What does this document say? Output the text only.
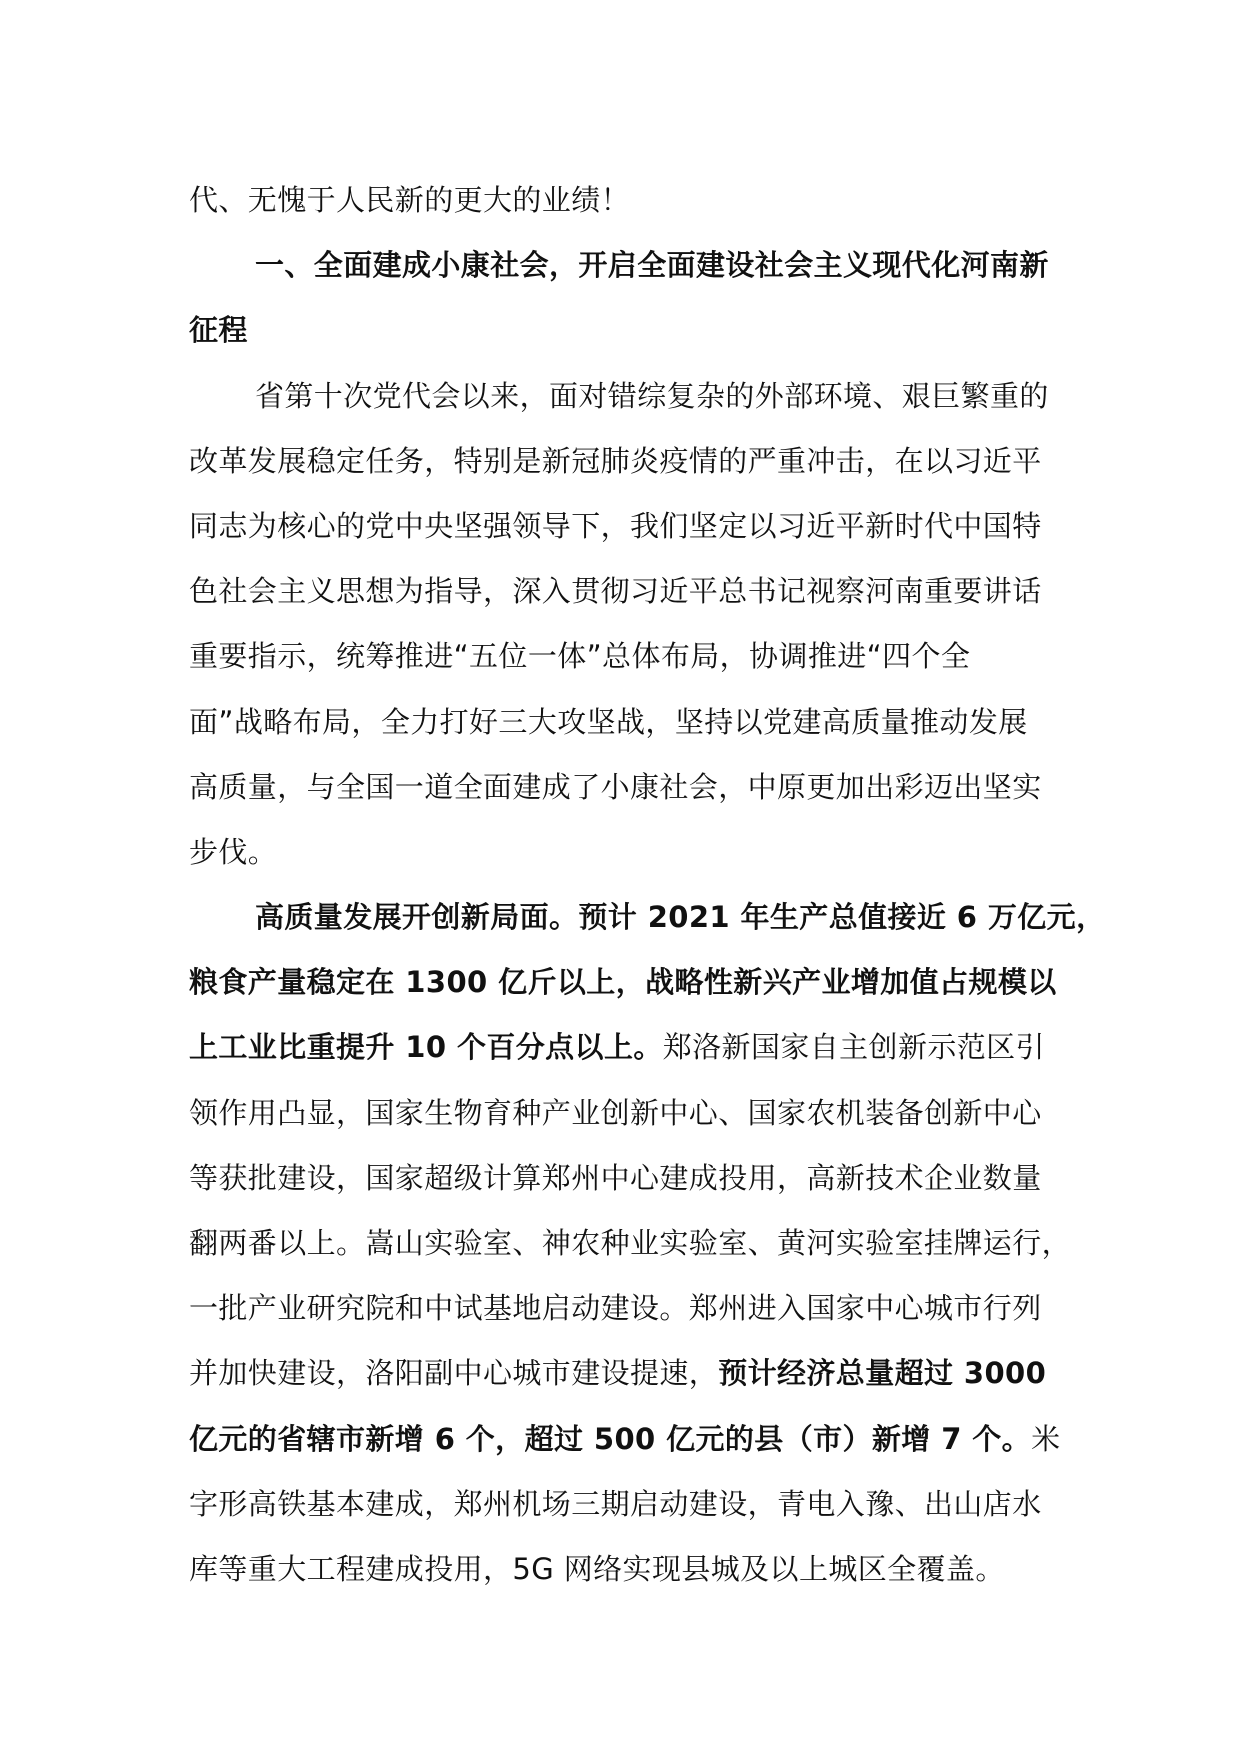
代、无愧于人民新的更大的业绩！
一、全面建成小康社会，开启全面建设社会主义现代化河南新
征程
省第十次党代会以来，面对错综复杂的外部环境、艰巨繁重的
改革发展稳定任务，特别是新冠肺炎疫情的严重冲击，在以习近平
同志为核心的党中央坚强领导下，我们坚定以习近平新时代中国特
色社会主义思想为指导，深入贯彻习近平总书记视察河南重要讲话
重要指示，统筹推进“五位一体”总体布局，协调推进“四个全
面”战略布局，全力打好三大攻坚战，坚持以党建高质量推动发展
高质量，与全国一道全面建成了小康社会，中原更加出彩迈出坚实
步伐。
高质量发展开创新局面。预计 2021 年生产总值接近 6 万亿元，
粮食产量稳定在 1300 亿斤以上，战略性新兴产业增加值占规模以
上工业比重提升 10 个百分点以上。郑洛新国家自主创新示范区引
领作用凸显，国家生物育种产业创新中心、国家农机装备创新中心
等获批建设，国家超级计算郑州中心建成投用，高新技术企业数量
翻两番以上。嵩山实验室、神农种业实验室、黄河实验室挂牌运行，
一批产业研究院和中试基地启动建设。郑州进入国家中心城市行列
并加快建设，洛阳副中心城市建设提速，预计经济总量超过 3000
亿元的省辖市新增 6 个，超过 500 亿元的县（市）新增 7 个。米
字形高铁基本建成，郑州机场三期启动建设，青电入豫、出山店水
库等重大工程建成投用，5G 网络实现县城及以上城区全覆盖。
